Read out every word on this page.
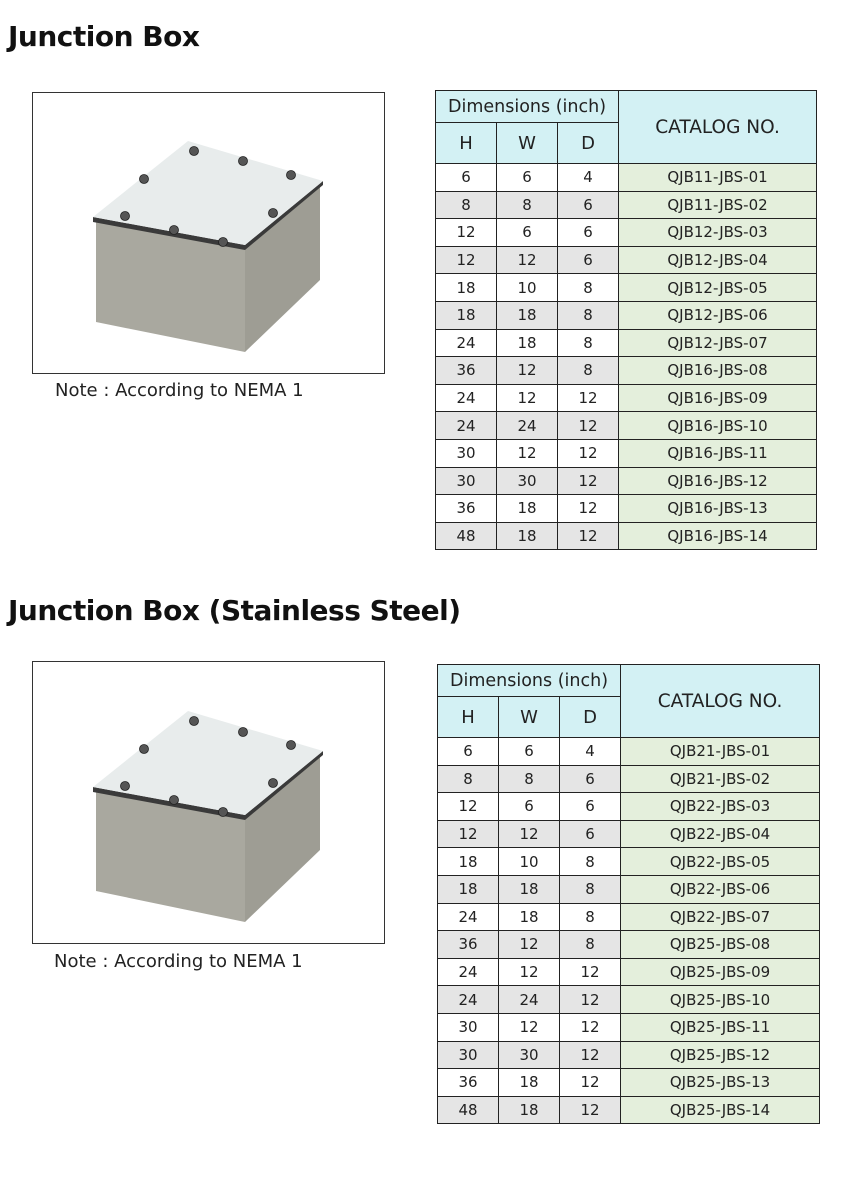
Junction Box
Note : According to NEMA 1
Dimensions (inch)			CATALOG NO.
H	W	D	
6	6	4	QJB11-JBS-01
8	8	6	QJB11-JBS-02
12	6	6	QJB12-JBS-03
12	12	6	QJB12-JBS-04
18	10	8	QJB12-JBS-05
18	18	8	QJB12-JBS-06
24	18	8	QJB12-JBS-07
36	12	8	QJB16-JBS-08
24	12	12	QJB16-JBS-09
24	24	12	QJB16-JBS-10
30	12	12	QJB16-JBS-11
30	30	12	QJB16-JBS-12
36	18	12	QJB16-JBS-13
48	18	12	QJB16-JBS-14
Junction Box (Stainless Steel)
Note : According to NEMA 1
Dimensions (inch)			CATALOG NO.
H	W	D	
6	6	4	QJB21-JBS-01
8	8	6	QJB21-JBS-02
12	6	6	QJB22-JBS-03
12	12	6	QJB22-JBS-04
18	10	8	QJB22-JBS-05
18	18	8	QJB22-JBS-06
24	18	8	QJB22-JBS-07
36	12	8	QJB25-JBS-08
24	12	12	QJB25-JBS-09
24	24	12	QJB25-JBS-10
30	12	12	QJB25-JBS-11
30	30	12	QJB25-JBS-12
36	18	12	QJB25-JBS-13
48	18	12	QJB25-JBS-14
